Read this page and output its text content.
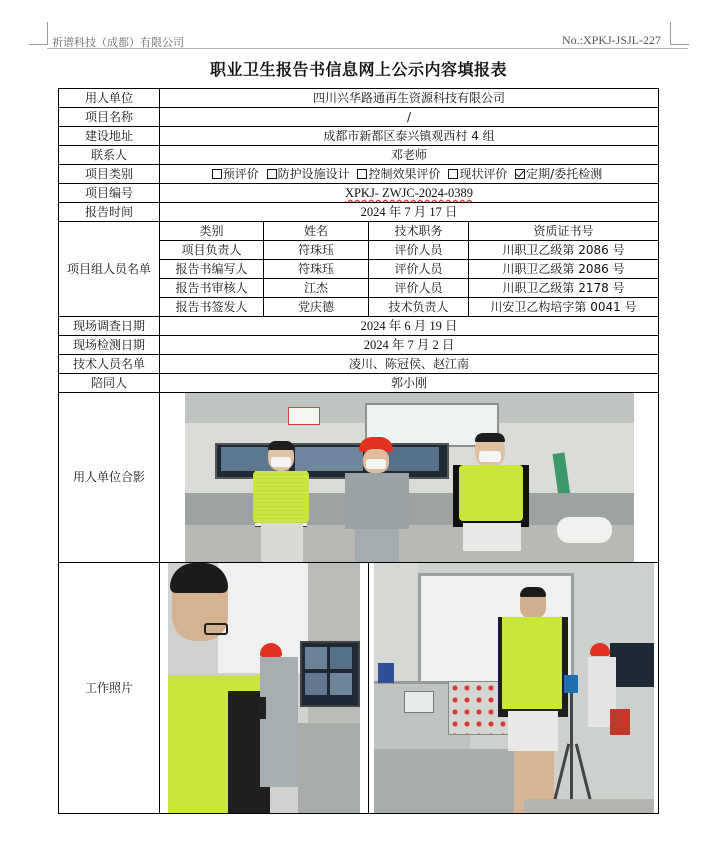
祈谱科技（成都）有限公司	No.:XPKJ-JSJL-227
职业卫生报告书信息网上公示内容填报表
用人单位	四川兴华路通再生资源科技有限公司			
项目名称	/			
建设地址	成都市新都区泰兴镇观西村 4 组			
联系人	邓老师			
项目类别	预评价 防护设施设计 控制效果评价 现状评价 定期/委托检测			
项目编号	XPKJ- ZWJC-2024-0389			
报告时间	2024 年 7 月 17 日			
项目组人员名单	类别	姓名	技术职务	资质证书号
	项目负责人	符珠珏	评价人员	川职卫乙级第 2086 号
	报告书编写人	符珠珏	评价人员	川职卫乙级第 2086 号
	报告书审核人	江杰	评价人员	川职卫乙级第 2178 号
	报告书签发人	党庆德	技术负责人	川安卫乙构培字第 0041 号
现场调查日期	2024 年 6 月 19 日			
现场检测日期	2024 年 7 月 2 日			
技术人员名单	凌川、陈冠侯、赵江南			
陪同人	郭小刚			
用人单位合影				

工作照片			
